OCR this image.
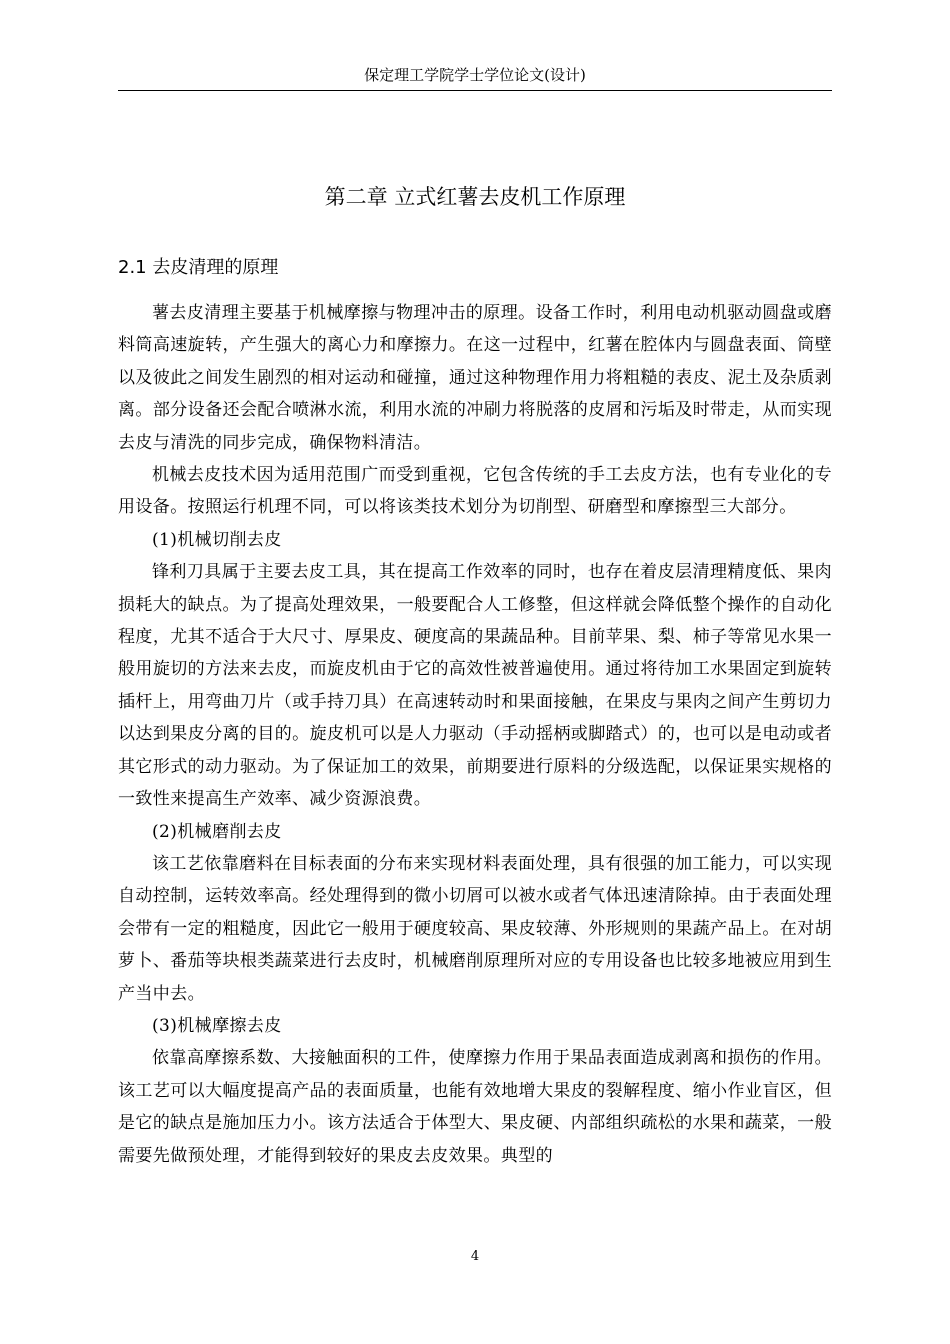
保定理工学院学士学位论文(设计)
第二章 立式红薯去皮机工作原理
2.1 去皮清理的原理

薯去皮清理主要基于机械摩擦与物理冲击的原理。设备工作时，利用电动机驱动圆盘或磨料筒高速旋转，产生强大的离心力和摩擦力。在这一过程中，红薯在腔体内与圆盘表面、筒壁以及彼此之间发生剧烈的相对运动和碰撞，通过这种物理作用力将粗糙的表皮、泥土及杂质剥离。部分设备还会配合喷淋水流，利用水流的冲刷力将脱落的皮屑和污垢及时带走，从而实现去皮与清洗的同步完成，确保物料清洁。

机械去皮技术因为适用范围广而受到重视，它包含传统的手工去皮方法，也有专业化的专用设备。按照运行机理不同，可以将该类技术划分为切削型、研磨型和摩擦型三大部分。

(1)机械切削去皮

锋利刀具属于主要去皮工具，其在提高工作效率的同时，也存在着皮层清理精度低、果肉损耗大的缺点。为了提高处理效果，一般要配合人工修整，但这样就会降低整个操作的自动化程度，尤其不适合于大尺寸、厚果皮、硬度高的果蔬品种。目前苹果、梨、柿子等常见水果一般用旋切的方法来去皮，而旋皮机由于它的高效性被普遍使用。通过将待加工水果固定到旋转插杆上，用弯曲刀片（或手持刀具）在高速转动时和果面接触，在果皮与果肉之间产生剪切力以达到果皮分离的目的。旋皮机可以是人力驱动（手动摇柄或脚踏式）的，也可以是电动或者其它形式的动力驱动。为了保证加工的效果，前期要进行原料的分级选配，以保证果实规格的一致性来提高生产效率、减少资源浪费。

(2)机械磨削去皮

该工艺依靠磨料在目标表面的分布来实现材料表面处理，具有很强的加工能力，可以实现自动控制，运转效率高。经处理得到的微小切屑可以被水或者气体迅速清除掉。由于表面处理会带有一定的粗糙度，因此它一般用于硬度较高、果皮较薄、外形规则的果蔬产品上。在对胡萝卜、番茄等块根类蔬菜进行去皮时，机械磨削原理所对应的专用设备也比较多地被应用到生产当中去。

(3)机械摩擦去皮

依靠高摩擦系数、大接触面积的工件，使摩擦力作用于果品表面造成剥离和损伤的作用。该工艺可以大幅度提高产品的表面质量，也能有效地增大果皮的裂解程度、缩小作业盲区，但是它的缺点是施加压力小。该方法适合于体型大、果皮硬、内部组织疏松的水果和蔬菜，一般需要先做预处理，才能得到较好的果皮去皮效果。典型的

4
